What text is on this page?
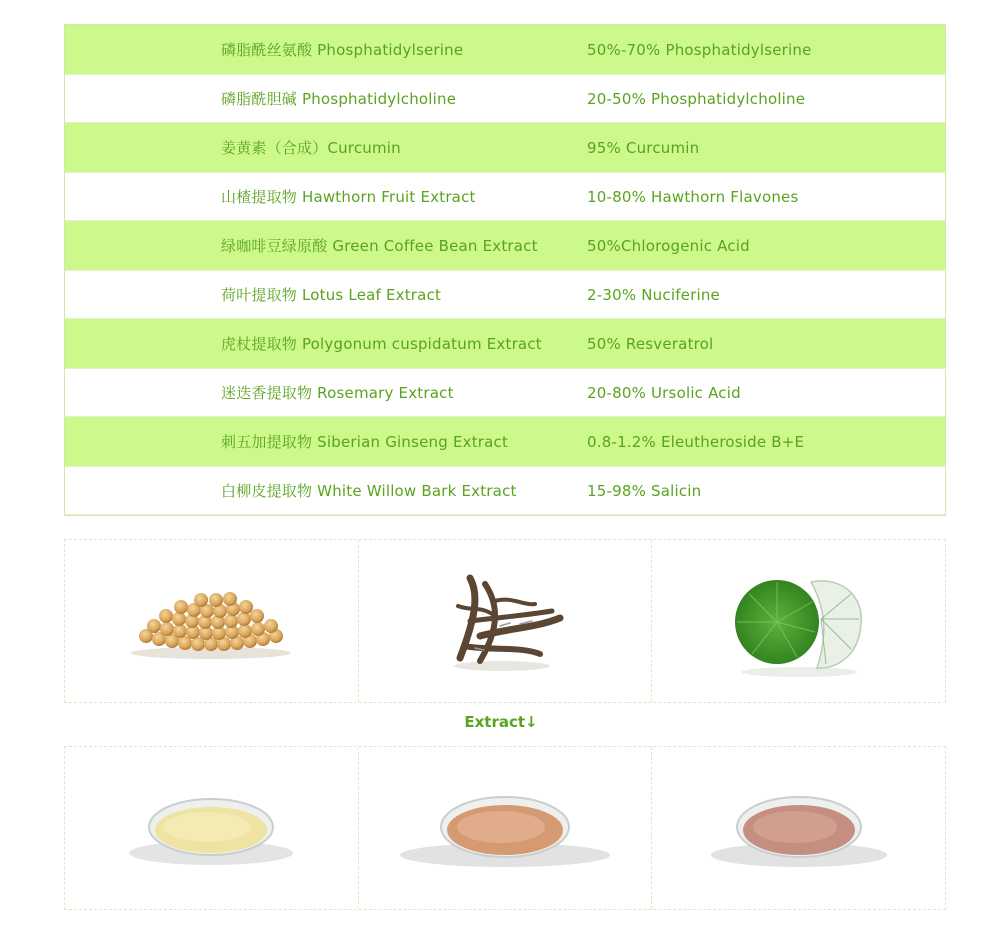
磷脂酰丝氨酸 Phosphatidylserine	50%-70% Phosphatidylserine
磷脂酰胆碱 Phosphatidylcholine	20-50% Phosphatidylcholine
姜黄素（合成）Curcumin	95% Curcumin
山楂提取物 Hawthorn Fruit Extract	10-80% Hawthorn Flavones
绿咖啡豆绿原酸 Green Coffee Bean Extract	50%Chlorogenic Acid
荷叶提取物 Lotus Leaf Extract	2-30% Nuciferine
虎杖提取物 Polygonum cuspidatum Extract	50% Resveratrol
迷迭香提取物 Rosemary Extract	20-80% Ursolic Acid
刺五加提取物 Siberian Ginseng Extract	0.8-1.2% Eleutheroside B+E
白柳皮提取物 White Willow Bark Extract	15-98% Salicin
Extract↓
